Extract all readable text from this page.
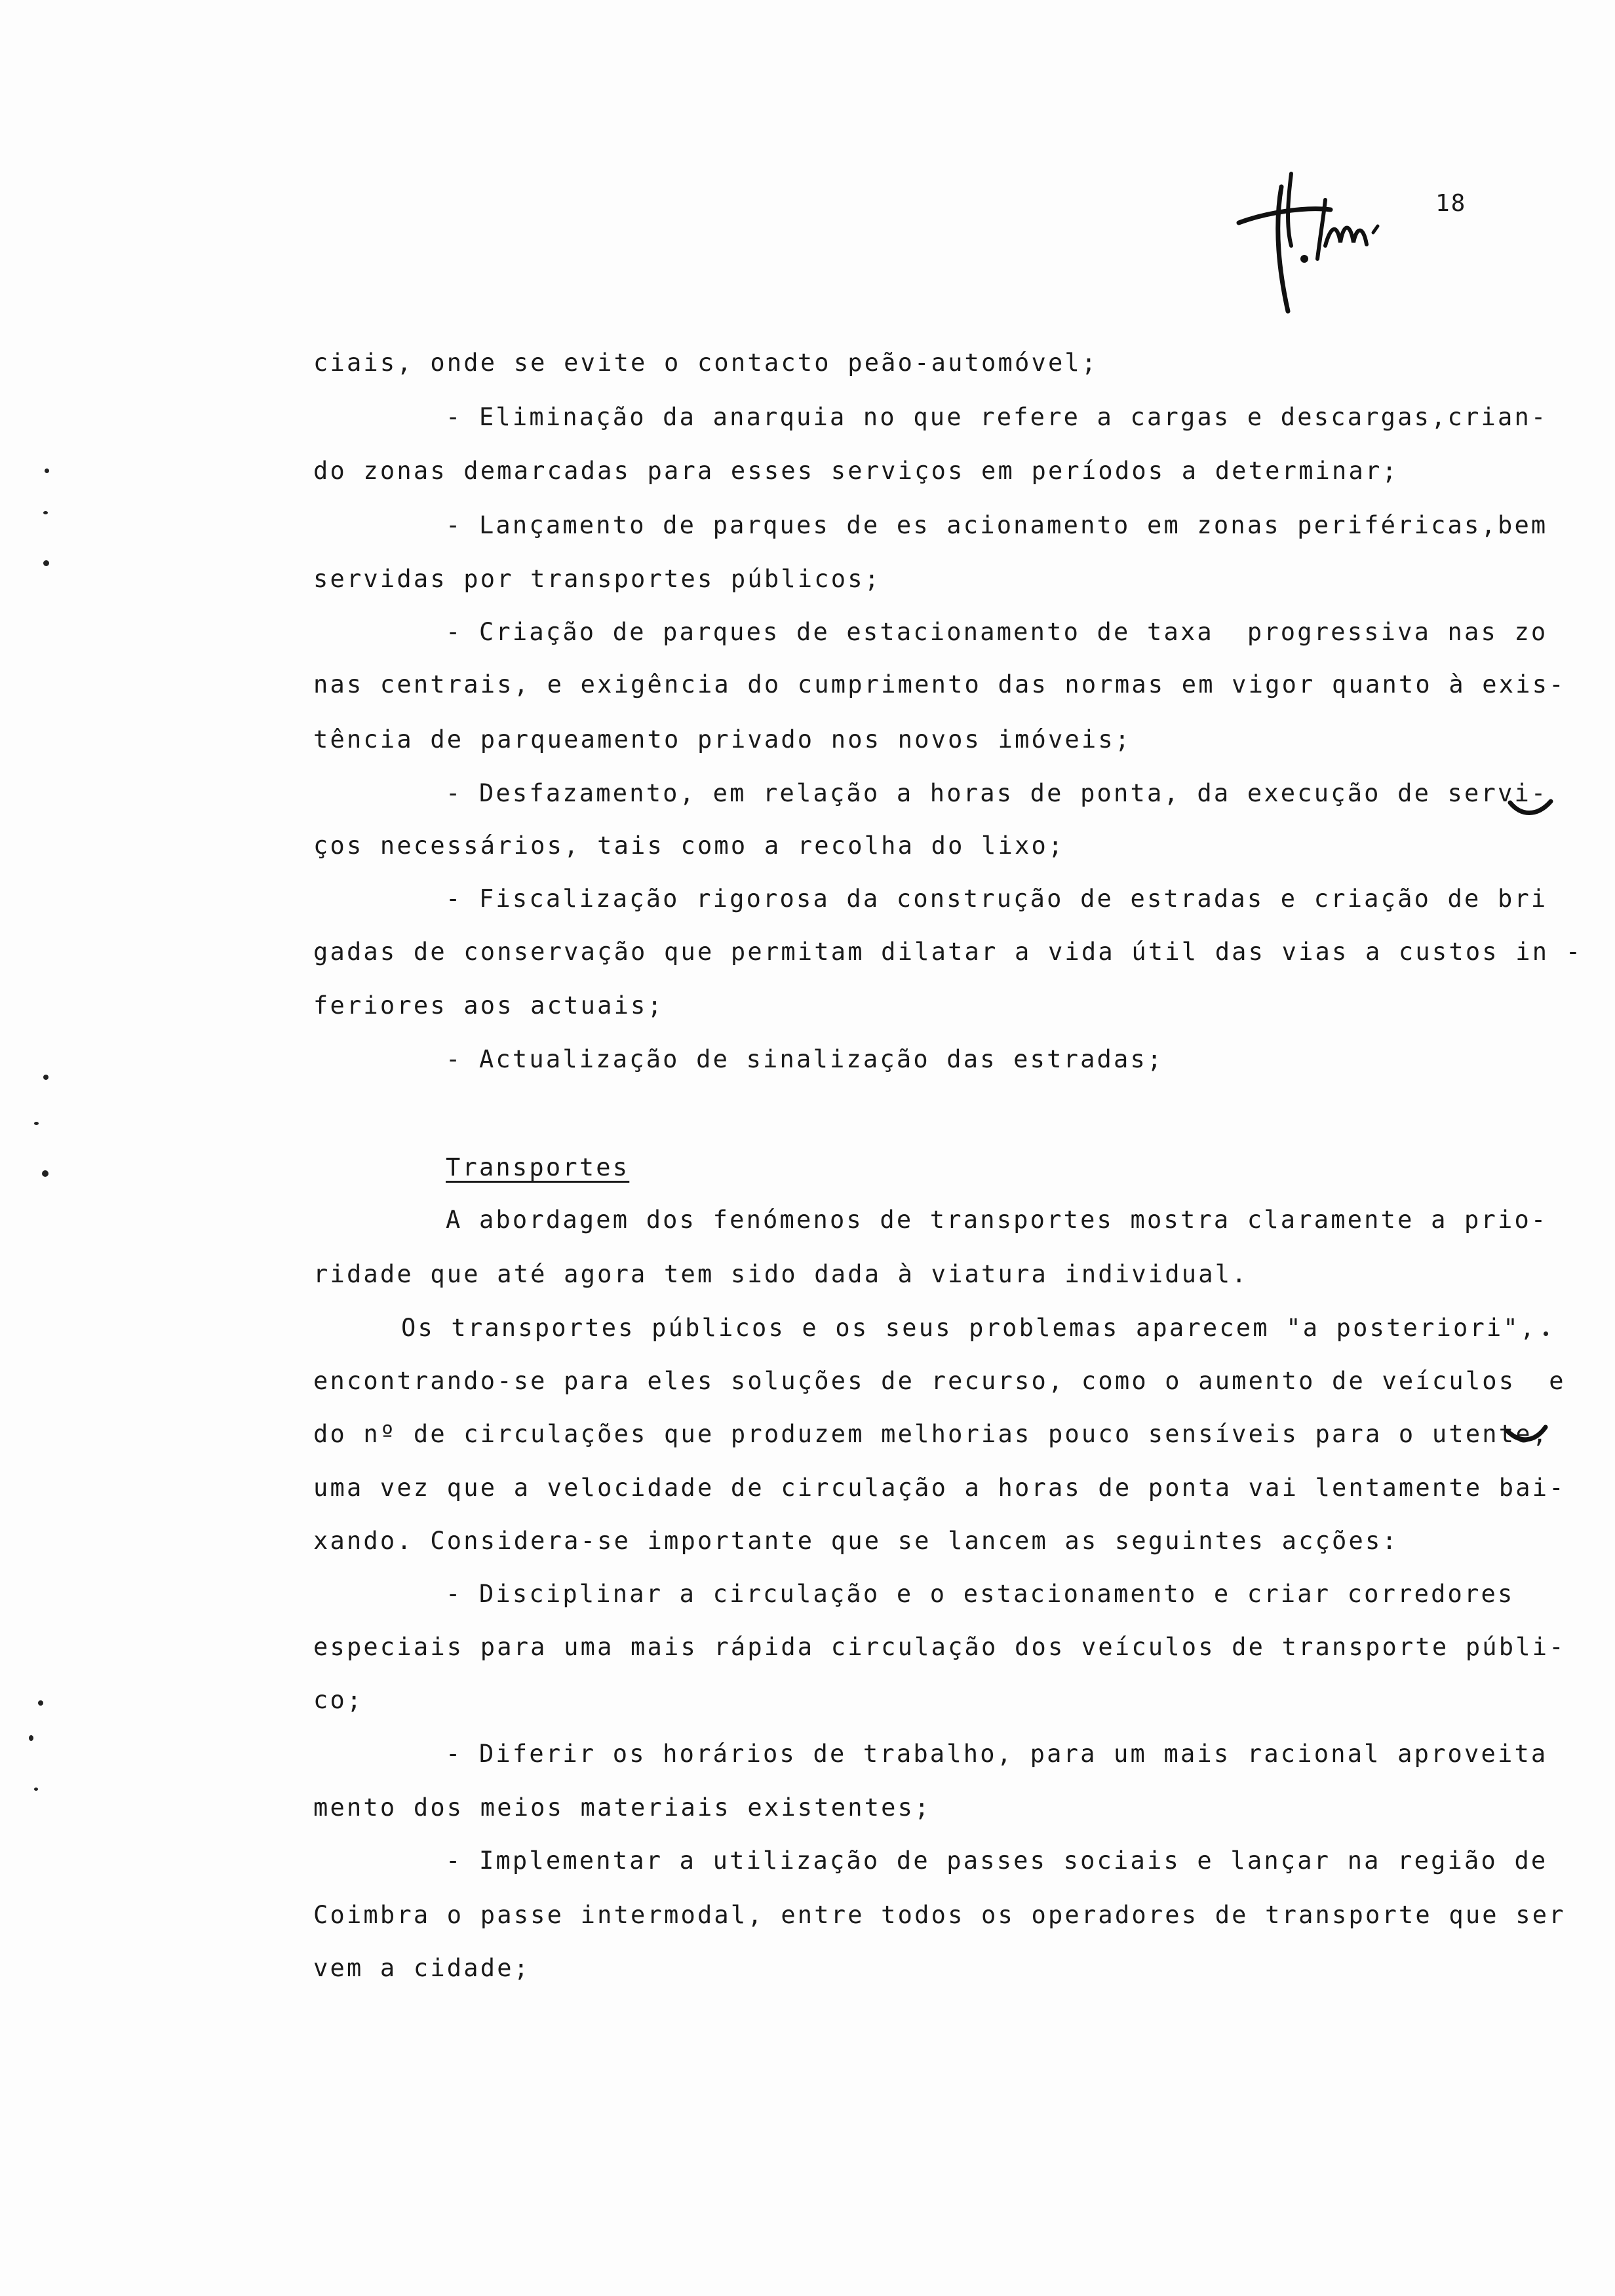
18
ciais, onde se evite o contacto peão-automóvel;
- Eliminação da anarquia no que refere a cargas e descargas,crian-
do zonas demarcadas para esses serviços em períodos a determinar;
- Lançamento de parques de es acionamento em zonas periféricas,bem
servidas por transportes públicos;
- Criação de parques de estacionamento de taxa  progressiva nas zo
nas centrais, e exigência do cumprimento das normas em vigor quanto à exis-
tência de parqueamento privado nos novos imóveis;
- Desfazamento, em relação a horas de ponta, da execução de servi-
ços necessários, tais como a recolha do lixo;
- Fiscalização rigorosa da construção de estradas e criação de bri
gadas de conservação que permitam dilatar a vida útil das vias a custos in -
feriores aos actuais;
- Actualização de sinalização das estradas;
Transportes
A abordagem dos fenómenos de transportes mostra claramente a prio-
ridade que até agora tem sido dada à viatura individual.
Os transportes públicos e os seus problemas aparecem "a posteriori",
encontrando-se para eles soluções de recurso, como o aumento de veículos  e
do nº de circulações que produzem melhorias pouco sensíveis para o utente,
uma vez que a velocidade de circulação a horas de ponta vai lentamente bai-
xando. Considera-se importante que se lancem as seguintes acções:
- Disciplinar a circulação e o estacionamento e criar corredores
especiais para uma mais rápida circulação dos veículos de transporte públi-
co;
- Diferir os horários de trabalho, para um mais racional aproveita
mento dos meios materiais existentes;
- Implementar a utilização de passes sociais e lançar na região de
Coimbra o passe intermodal, entre todos os operadores de transporte que ser
vem a cidade;
